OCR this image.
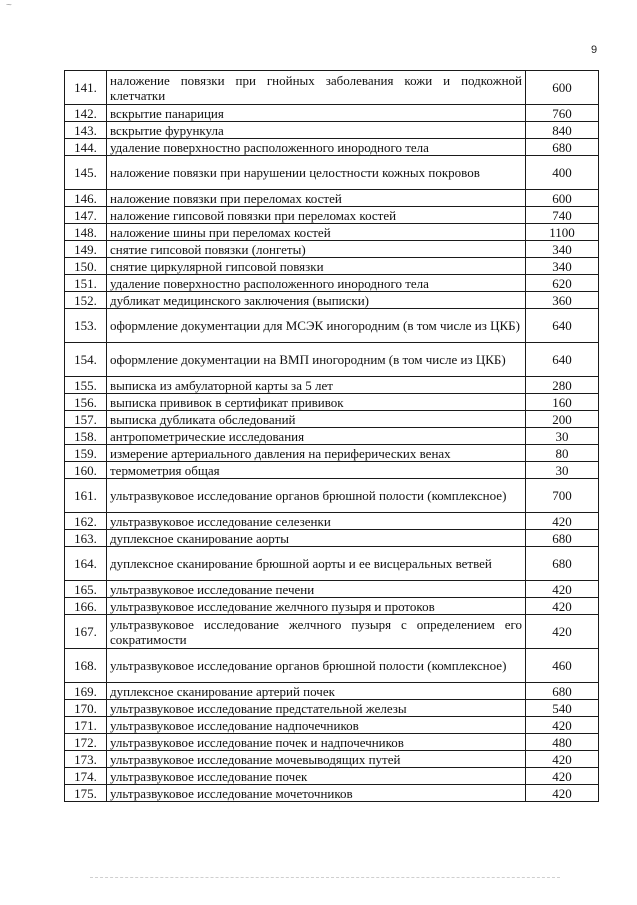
~
9
141.	наложение повязки при гнойных заболевания кожи и подкожной клетчатки	600
142.	вскрытие панариция	760
143.	вскрытие фурункула	840
144.	удаление поверхностно расположенного инородного тела	680
145.	наложение повязки при нарушении целостности кожных покровов	400
146.	наложение повязки при переломах костей	600
147.	наложение гипсовой повязки при переломах костей	740
148.	наложение шины при переломах костей	1100
149.	снятие гипсовой повязки (лонгеты)	340
150.	снятие циркулярной гипсовой повязки	340
151.	удаление поверхностно расположенного инородного тела	620
152.	дубликат медицинского заключения (выписки)	360
153.	оформление документации для МСЭК иногородним (в том числе из ЦКБ)	640
154.	оформление документации на ВМП иногородним (в том числе из ЦКБ)	640
155.	выписка из амбулаторной карты за 5 лет	280
156.	выписка прививок в сертификат прививок	160
157.	выписка дубликата обследований	200
158.	антропометрические исследования	30
159.	измерение артериального давления на периферических венах	80
160.	термометрия общая	30
161.	ультразвуковое исследование органов брюшной полости (комплексное)	700
162.	ультразвуковое исследование селезенки	420
163.	дуплексное сканирование аорты	680
164.	дуплексное сканирование брюшной аорты и ее висцеральных ветвей	680
165.	ультразвуковое исследование печени	420
166.	ультразвуковое исследование желчного пузыря и протоков	420
167.	ультразвуковое исследование желчного пузыря с определением его сократимости	420
168.	ультразвуковое исследование органов брюшной полости (комплексное)	460
169.	дуплексное сканирование артерий почек	680
170.	ультразвуковое исследование предстательной железы	540
171.	ультразвуковое исследование надпочечников	420
172.	ультразвуковое исследование почек и надпочечников	480
173.	ультразвуковое исследование мочевыводящих путей	420
174.	ультразвуковое исследование почек	420
175.	ультразвуковое исследование мочеточников	420
